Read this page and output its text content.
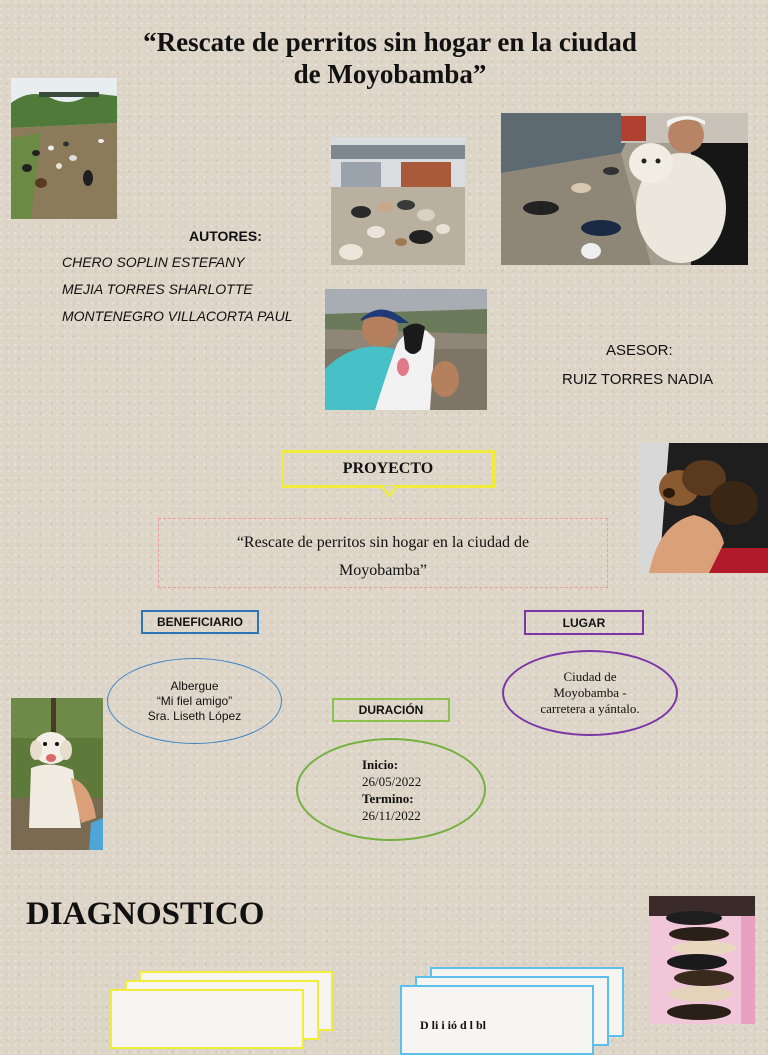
“Rescate de perritos sin hogar en la ciudad
de Moyobamba”
AUTORES:
CHERO SOPLIN ESTEFANY
MEJIA TORRES SHARLOTTE
MONTENEGRO VILLACORTA PAUL
ASESOR:
RUIZ TORRES NADIA
PROYECTO
“Rescate de perritos sin hogar en la ciudad de
Moyobamba”
BENEFICIARIO	LUGAR
DURACIÓN
Albergue
“Mi fiel amigo”
Sra. Liseth López
Ciudad de
Moyobamba -
carretera a yántalo.
Inicio:
26/05/2022
Termino:
26/11/2022
DIAGNOSTICO
D li i ió d l bl
